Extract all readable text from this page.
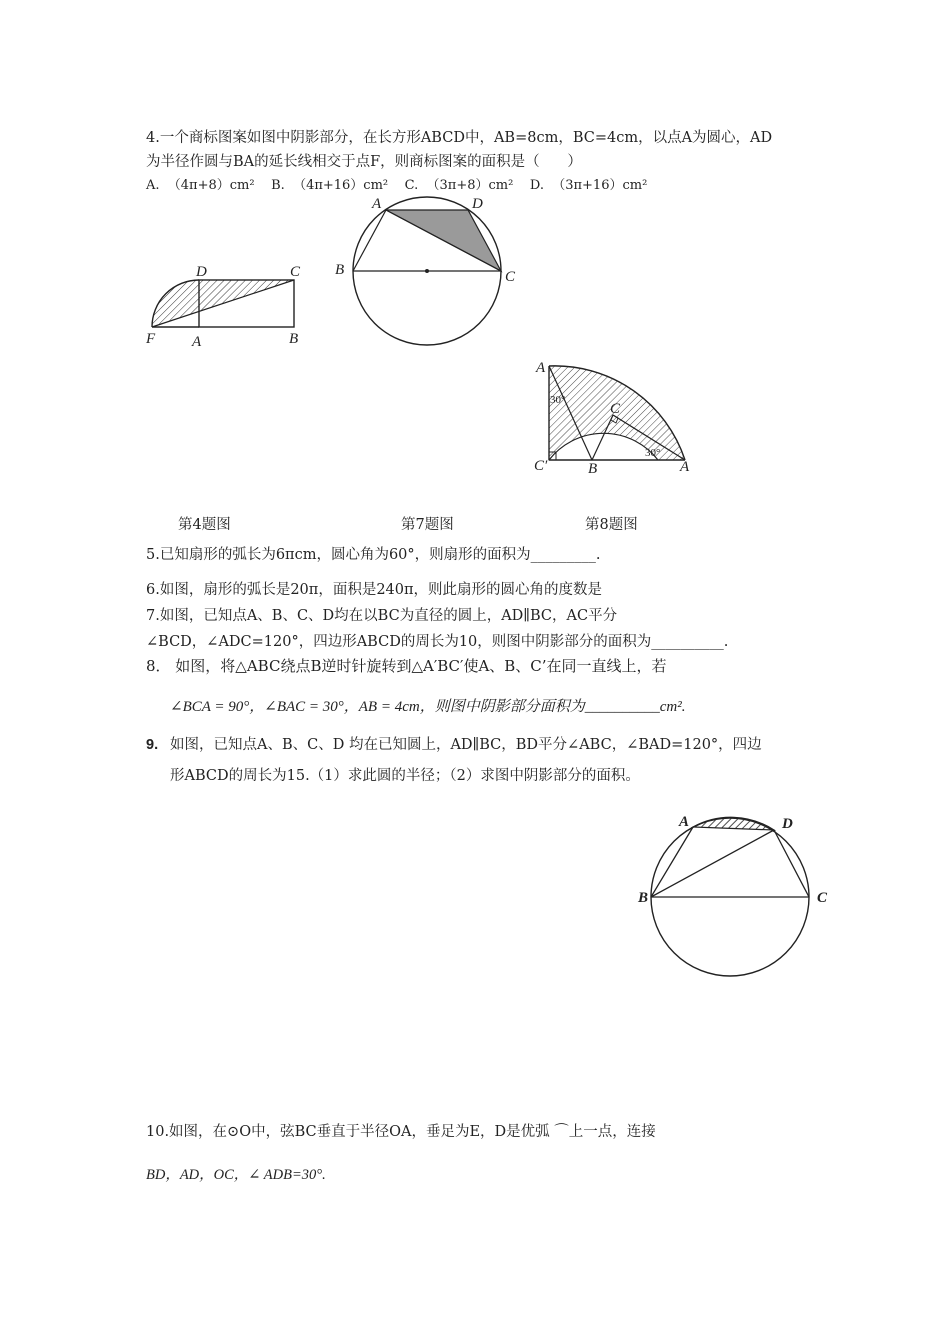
4.一个商标图案如图中阴影部分，在长方形ABCD中，AB=8cm，BC=4cm，以点A为圆心，AD
为半径作圆与BA的延长线相交于点F，则商标图案的面积是（      ）
A.  （4π+8）cm²    B.  （4π+16）cm²    C.  （3π+8）cm²    D.  （3π+16）cm²
D	C
F A	B
A	D
B	C
A
C
C′	B	A
30°
30°
第4题图	第7题图	第8题图
5.已知扇形的弧长为6πcm，圆心角为60°，则扇形的面积为_________.
6.如图，扇形的弧长是20π，面积是240π，则此扇形的圆心角的度数是
7.如图，已知点A、B、C、D均在以BC为直径的圆上，AD∥BC，AC平分
∠BCD，∠ADC=120°，四边形ABCD的周长为10，则图中阴影部分的面积为__________.
8． 如图，将△ABC绕点B逆时针旋转到△A′BC′使A、B、C’在同一直线上，若
∠BCA = 90°，∠BAC = 30°，AB = 4cm，则图中阴影部分面积为__________cm².
9. 如图，已知点A、B、C、D 均在已知圆上，AD∥BC，BD平分∠ABC，∠BAD=120°，四边
形ABCD的周长为15.（1）求此圆的半径；（2）求图中阴影部分的面积。
A	D
B	C
10.如图，在⊙O中，弦BC垂直于半径OA，垂足为E，D是优弧 ⌒上一点，连接
BD，AD，OC，∠ ADB=30°.
